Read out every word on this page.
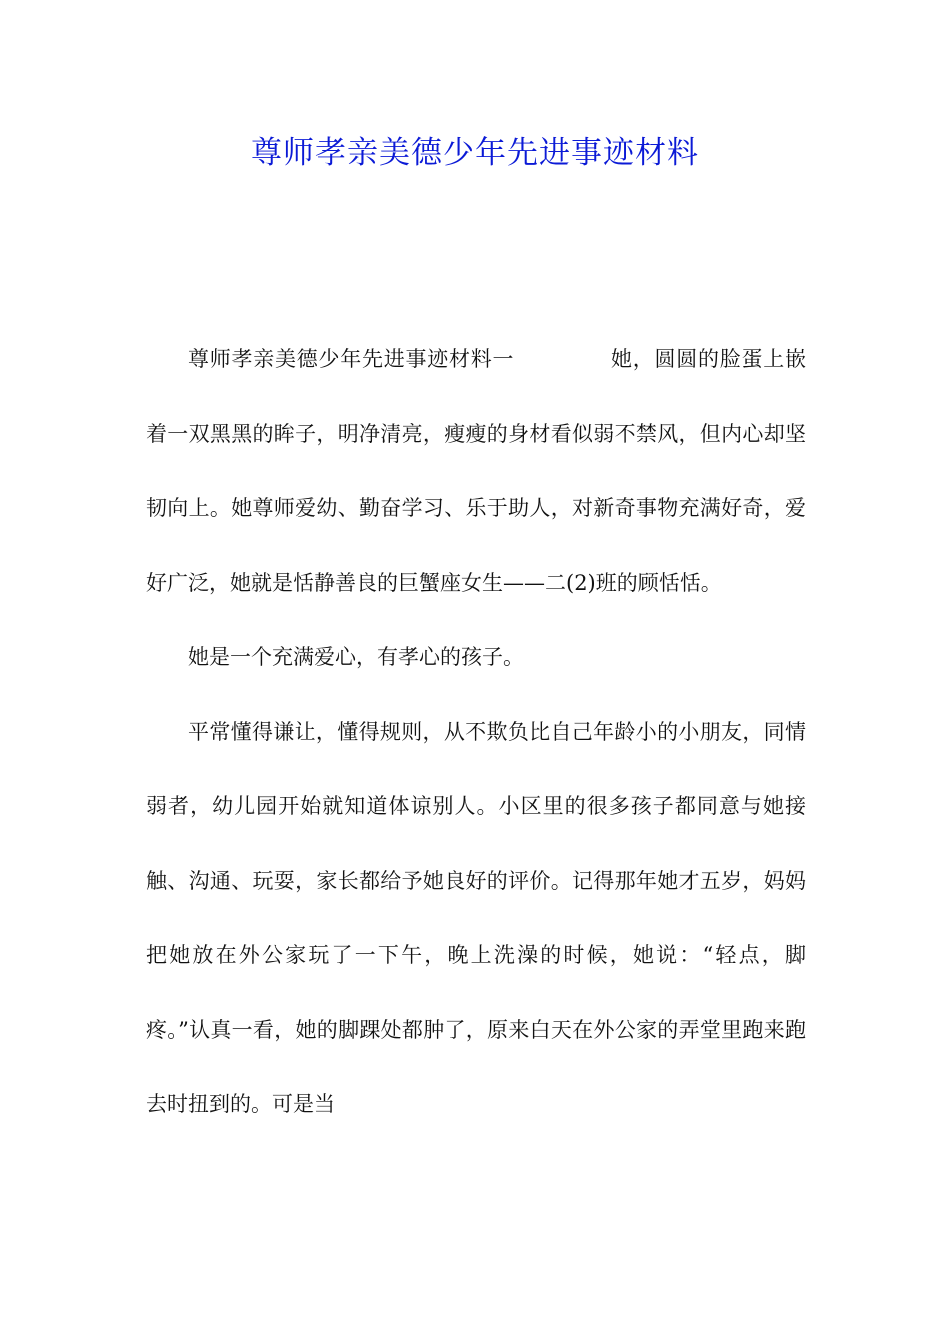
尊师孝亲美德少年先进事迹材料

尊师孝亲美德少年先进事迹材料一	她，圆圆的脸蛋上嵌着一双黑黑的眸子，明净清亮，瘦瘦的身材看似弱不禁风，但内心却坚韧向上。她尊师爱幼、勤奋学习、乐于助人，对新奇事物充满好奇，爱好广泛，她就是恬静善良的巨蟹座女生——二(2)班的顾恬恬。

她是一个充满爱心，有孝心的孩子。

平常懂得谦让，懂得规则，从不欺负比自己年龄小的小朋友，同情弱者，幼儿园开始就知道体谅别人。小区里的很多孩子都同意与她接触、沟通、玩耍，家长都给予她良好的评价。记得那年她才五岁，妈妈把她放在外公家玩了一下午，晚上洗澡的时候，她说：“轻点，脚疼。”认真一看，她的脚踝处都肿了，原来白天在外公家的弄堂里跑来跑去时扭到的。可是当
